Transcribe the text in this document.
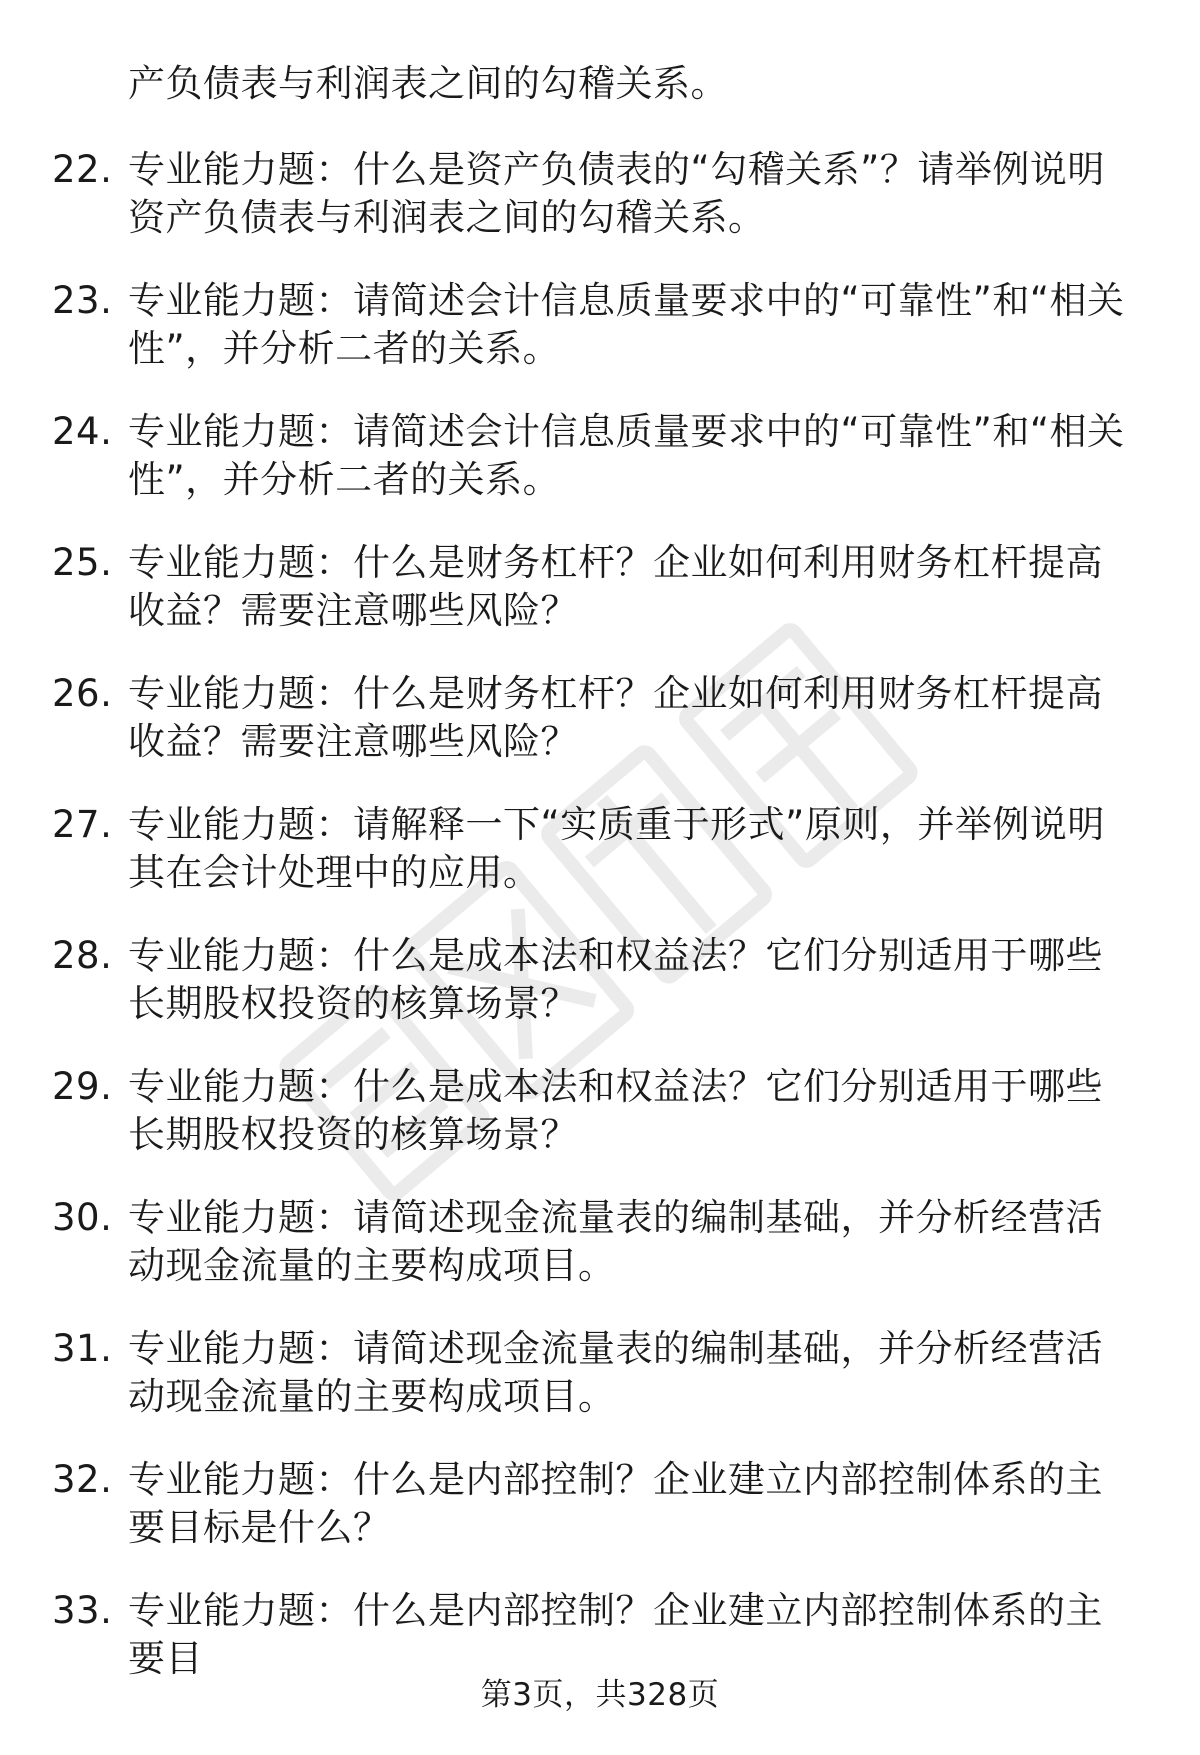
产负债表与利润表之间的勾稽关系。

22. 专业能力题：什么是资产负债表的“勾稽关系”？请举例说明资产负债表与利润表之间的勾稽关系。

23. 专业能力题：请简述会计信息质量要求中的“可靠性”和“相关性”，并分析二者的关系。

24. 专业能力题：请简述会计信息质量要求中的“可靠性”和“相关性”，并分析二者的关系。

25. 专业能力题：什么是财务杠杆？企业如何利用财务杠杆提高收益？需要注意哪些风险？

26. 专业能力题：什么是财务杠杆？企业如何利用财务杠杆提高收益？需要注意哪些风险？

27. 专业能力题：请解释一下“实质重于形式”原则，并举例说明其在会计处理中的应用。

28. 专业能力题：什么是成本法和权益法？它们分别适用于哪些长期股权投资的核算场景？

29. 专业能力题：什么是成本法和权益法？它们分别适用于哪些长期股权投资的核算场景？

30. 专业能力题：请简述现金流量表的编制基础，并分析经营活动现金流量的主要构成项目。

31. 专业能力题：请简述现金流量表的编制基础，并分析经营活动现金流量的主要构成项目。

32. 专业能力题：什么是内部控制？企业建立内部控制体系的主要目标是什么？

33. 专业能力题：什么是内部控制？企业建立内部控制体系的主要目

第3页，共328页
